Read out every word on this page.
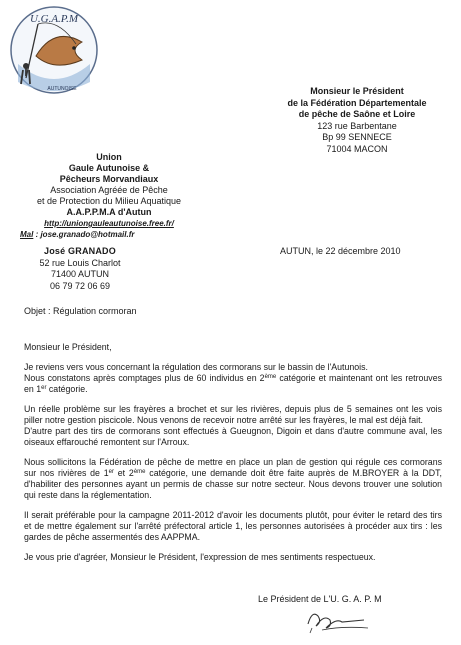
U.G.A.P.M
AUTUNOISE	Monsieur le Président
de la Fédération Départementale
de pêche de Saône et Loire
123 rue Barbentane
Bp 99 SENNECE
71004 MACON
Union
Gaule Autunoise &
Pêcheurs Morvandiaux
Association Agréée de Pêche
et de Protection du Milieu Aquatique
A.A.P.P.M.A d'Autun
http://uniongauleautunoise.free.fr/
Mal : jose.granado@hotmail.fr
José GRANADO
52 rue Louis Charlot
71400 AUTUN
06 79 72 06 69
AUTUN, le 22 décembre 2010
Objet : Régulation cormoran

Monsieur le Président,

Je reviens vers vous concernant la régulation des cormorans sur le bassin de l'Autunois.
Nous constatons après comptages plus de 60 individus en 2ème catégorie et maintenant ont les retrouves en 1er catégorie.

Un réelle problème sur les frayères a brochet et sur les rivières, depuis plus de 5 semaines ont les vois piller notre gestion piscicole. Nous venons de recevoir notre arrêté sur les frayères, le mal est déjà fait.
D'autre part des tirs de cormorans sont effectués à Gueugnon, Digoin et dans d'autre commune aval, les oiseaux effarouché remontent sur l'Arroux.

Nous sollicitons la Fédération de pêche de mettre en place un plan de gestion qui régule ces cormorans sur nos rivières de 1er et 2ème catégorie, une demande doit être faite auprès de M.BROYER à la DDT, d'habiliter des personnes ayant un permis de chasse sur notre secteur. Nous devons trouver une solution qui reste dans la réglementation.

Il serait préférable pour la campagne 2011-2012 d'avoir les documents plutôt, pour éviter le retard des tirs et de mettre également sur l'arrêté préfectoral article 1, les personnes autorisées à procéder aux tirs : les gardes de pêche assermentés des AAPPMA.

Je vous prie d'agréer, Monsieur le Président, l'expression de mes sentiments respectueux.

Le Président de L'U. G. A. P. M
